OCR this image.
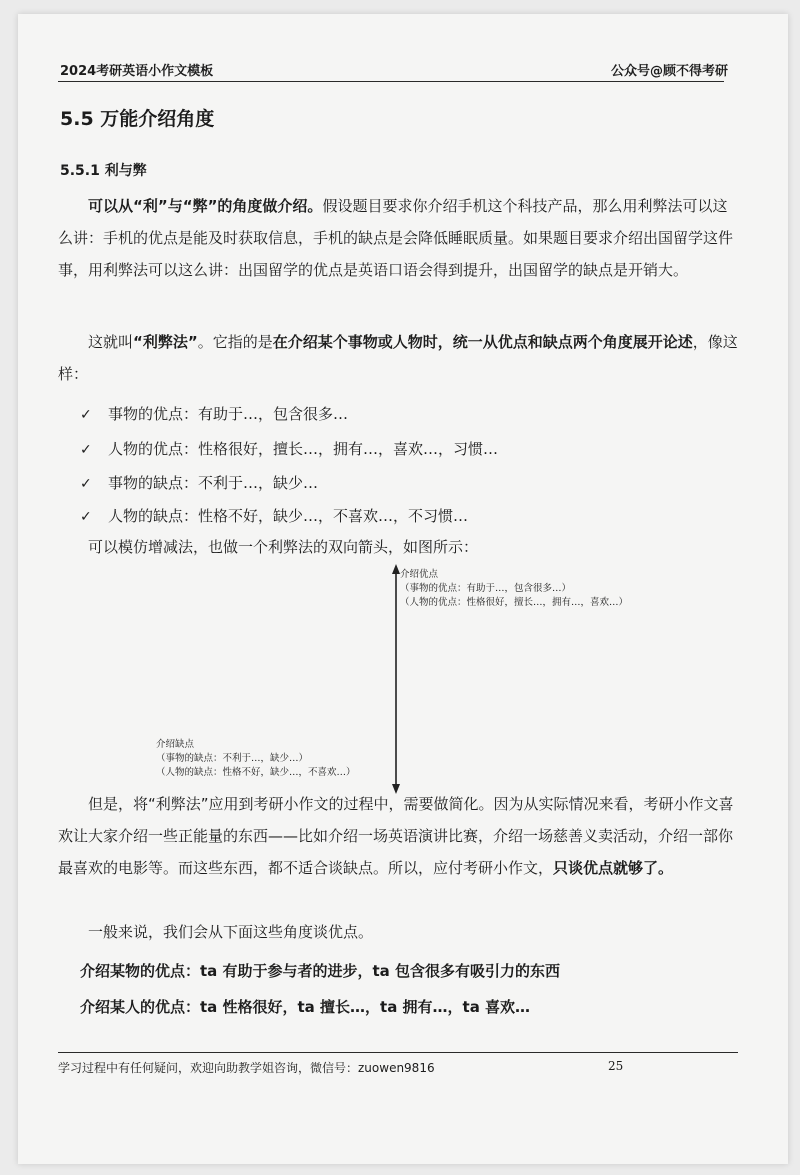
2024考研英语小作文模板	公众号@顾不得考研
5.5 万能介绍角度
5.5.1 利与弊

可以从“利”与“弊”的角度做介绍。假设题目要求你介绍手机这个科技产品，那么用利弊法可以这么讲：手机的优点是能及时获取信息，手机的缺点是会降低睡眠质量。如果题目要求介绍出国留学这件事，用利弊法可以这么讲：出国留学的优点是英语口语会得到提升，出国留学的缺点是开销大。

这就叫“利弊法”。它指的是在介绍某个事物或人物时，统一从优点和缺点两个角度展开论述，像这样：

✓ 事物的优点：有助于…，包含很多…
✓ 人物的优点：性格很好，擅长…，拥有…，喜欢…，习惯…
✓ 事物的缺点：不利于…，缺少…
✓ 人物的缺点：性格不好，缺少…，不喜欢…，不习惯…

可以模仿增减法，也做一个利弊法的双向箭头，如图所示：

介绍优点
（事物的优点：有助于…，包含很多…）
（人物的优点：性格很好，擅长…，拥有…，喜欢…）
介绍缺点
（事物的缺点：不利于…，缺少…）
（人物的缺点：性格不好，缺少…，不喜欢…）

但是，将“利弊法”应用到考研小作文的过程中，需要做简化。因为从实际情况来看，考研小作文喜欢让大家介绍一些正能量的东西——比如介绍一场英语演讲比赛，介绍一场慈善义卖活动，介绍一部你最喜欢的电影等。而这些东西，都不适合谈缺点。所以，应付考研小作文，只谈优点就够了。

一般来说，我们会从下面这些角度谈优点。

介绍某物的优点：ta 有助于参与者的进步，ta 包含很多有吸引力的东西
介绍某人的优点：ta 性格很好，ta 擅长…，ta 拥有…，ta 喜欢…
学习过程中有任何疑问，欢迎向助教学姐咨询，微信号：zuowen9816	25
